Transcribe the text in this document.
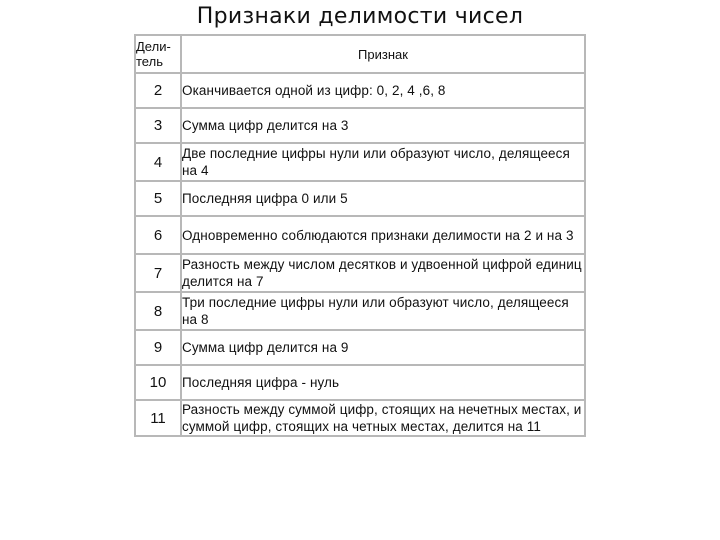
Признаки делимости чисел
Дели-
тель	Признак
2	Оканчивается одной из цифр: 0, 2, 4 ,6, 8
3	Сумма цифр делится на 3
4	Две последние цифры нули или образуют число, делящееся на 4
5	Последняя цифра 0 или 5
6	Одновременно соблюдаются признаки делимости на 2 и на 3
7	Разность между числом десятков и удвоенной цифрой единиц делится на 7
8	Три последние цифры нули или образуют число, делящееся на 8
9	Сумма цифр делится на 9
10	Последняя цифра - нуль
11	Разность между суммой цифр, стоящих на нечетных местах, и суммой цифр, стоящих на четных местах, делится на 11
